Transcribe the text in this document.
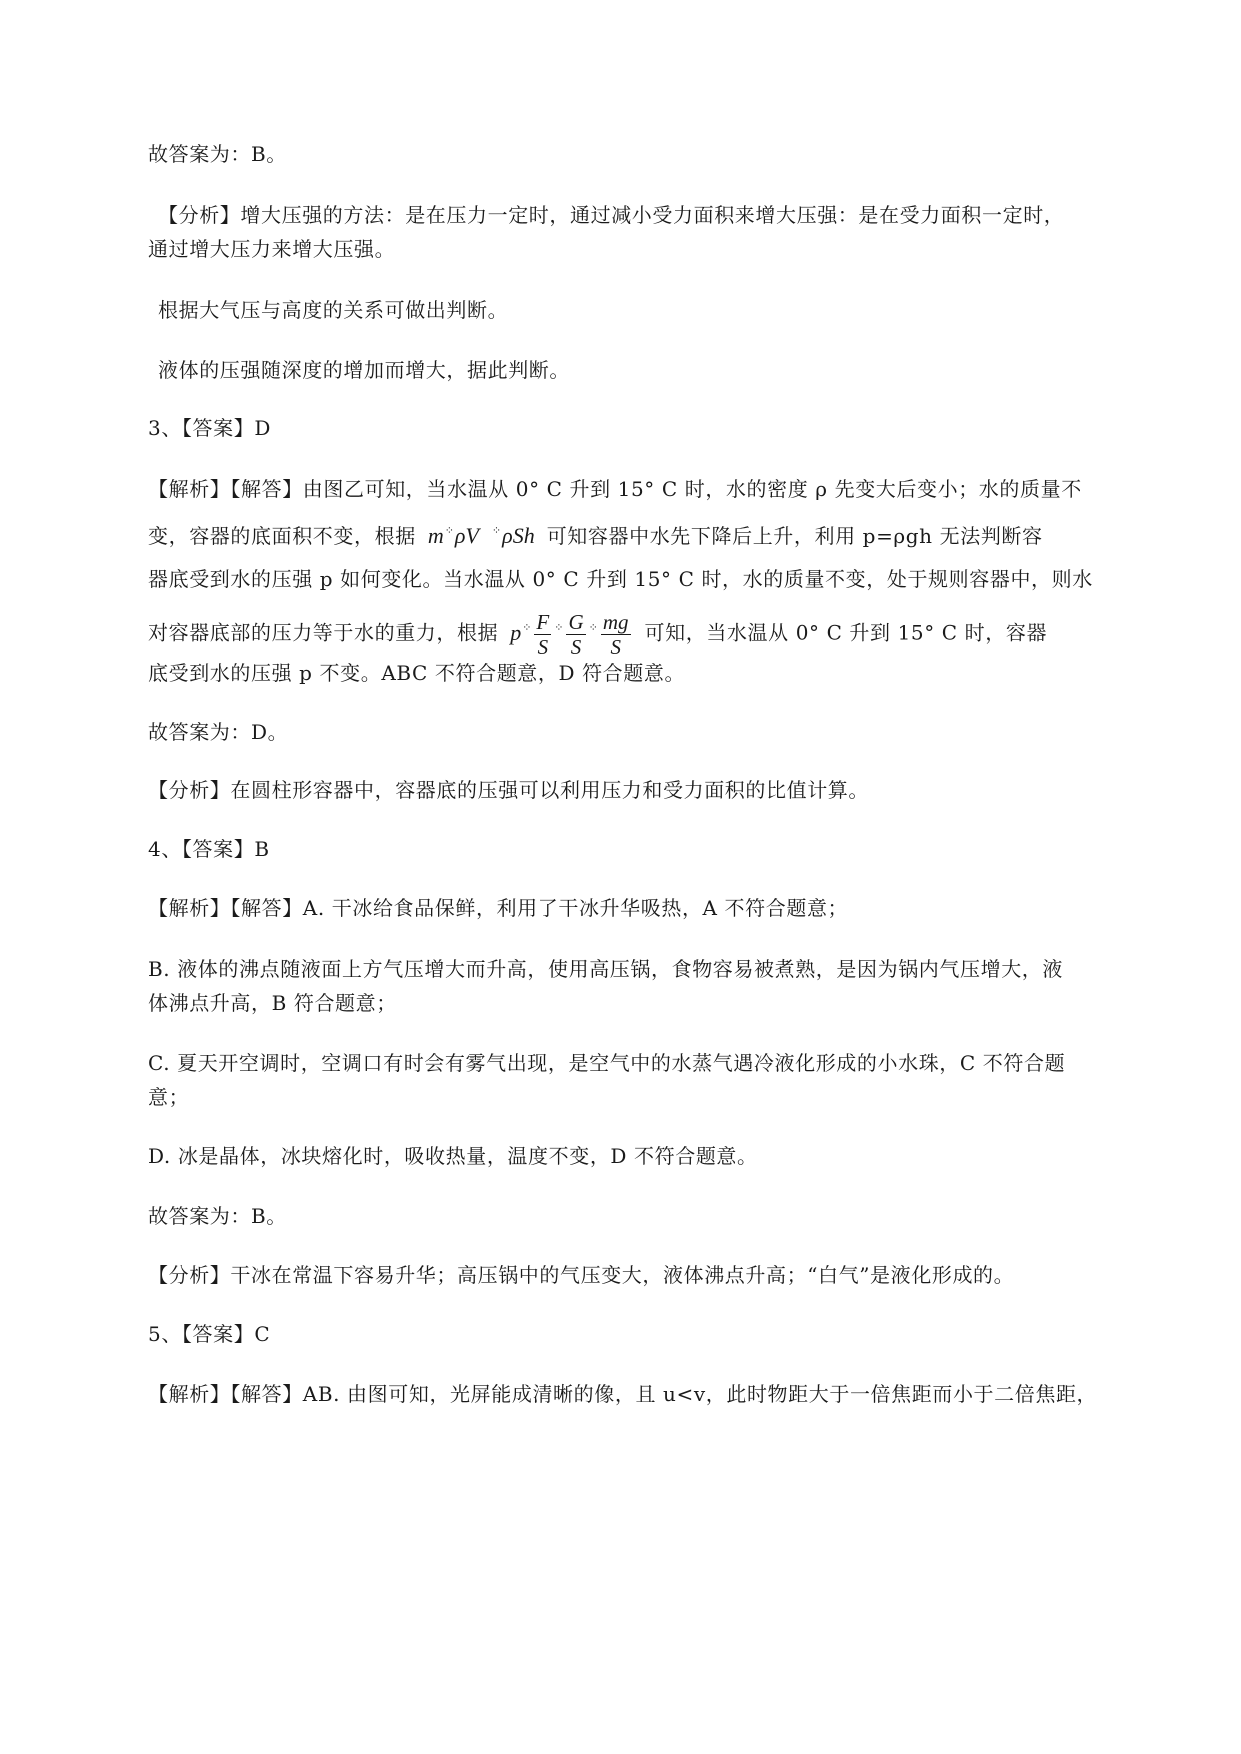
故答案为：B。
【分析】增大压强的方法：是在压力一定时，通过减小受力面积来增大压强：是在受力面积一定时，
通过增大压力来增大压强。
根据大气压与高度的关系可做出判断。
液体的压强随深度的增加而增大，据此判断。
3、【答案】D
【解析】【解答】由图乙可知，当水温从 0° C 升到 15° C 时，水的密度 ρ 先变大后变小；水的质量不
变，容器的底面积不变，根据 m⁘ρV ⁘ρSh 可知容器中水先下降后上升，利用 p=ρgh 无法判断容
器底受到水的压强 p 如何变化。当水温从 0° C 升到 15° C 时，水的质量不变，处于规则容器中，则水
对容器底部的压力等于水的重力，根据 $p^⁘ \frac{F}{S} ^⁘ \frac{G}{S} ^⁘ \frac{mg}{S}$ 可知，当水温从 0° C 升到 15° C 时，容器
底受到水的压强 p 不变。ABC 不符合题意，D 符合题意。
故答案为：D。
【分析】在圆柱形容器中，容器底的压强可以利用压力和受力面积的比值计算。
4、【答案】B
【解析】【解答】A. 干冰给食品保鲜，利用了干冰升华吸热，A 不符合题意；
B. 液体的沸点随液面上方气压增大而升高，使用高压锅，食物容易被煮熟，是因为锅内气压增大，液
体沸点升高，B 符合题意；
C. 夏天开空调时，空调口有时会有雾气出现，是空气中的水蒸气遇冷液化形成的小水珠，C 不符合题
意；
D. 冰是晶体，冰块熔化时，吸收热量，温度不变，D 不符合题意。
故答案为：B。
【分析】干冰在常温下容易升华；高压锅中的气压变大，液体沸点升高；“白气”是液化形成的。
5、【答案】C
【解析】【解答】AB. 由图可知，光屏能成清晰的像，且 u<v，此时物距大于一倍焦距而小于二倍焦距，
